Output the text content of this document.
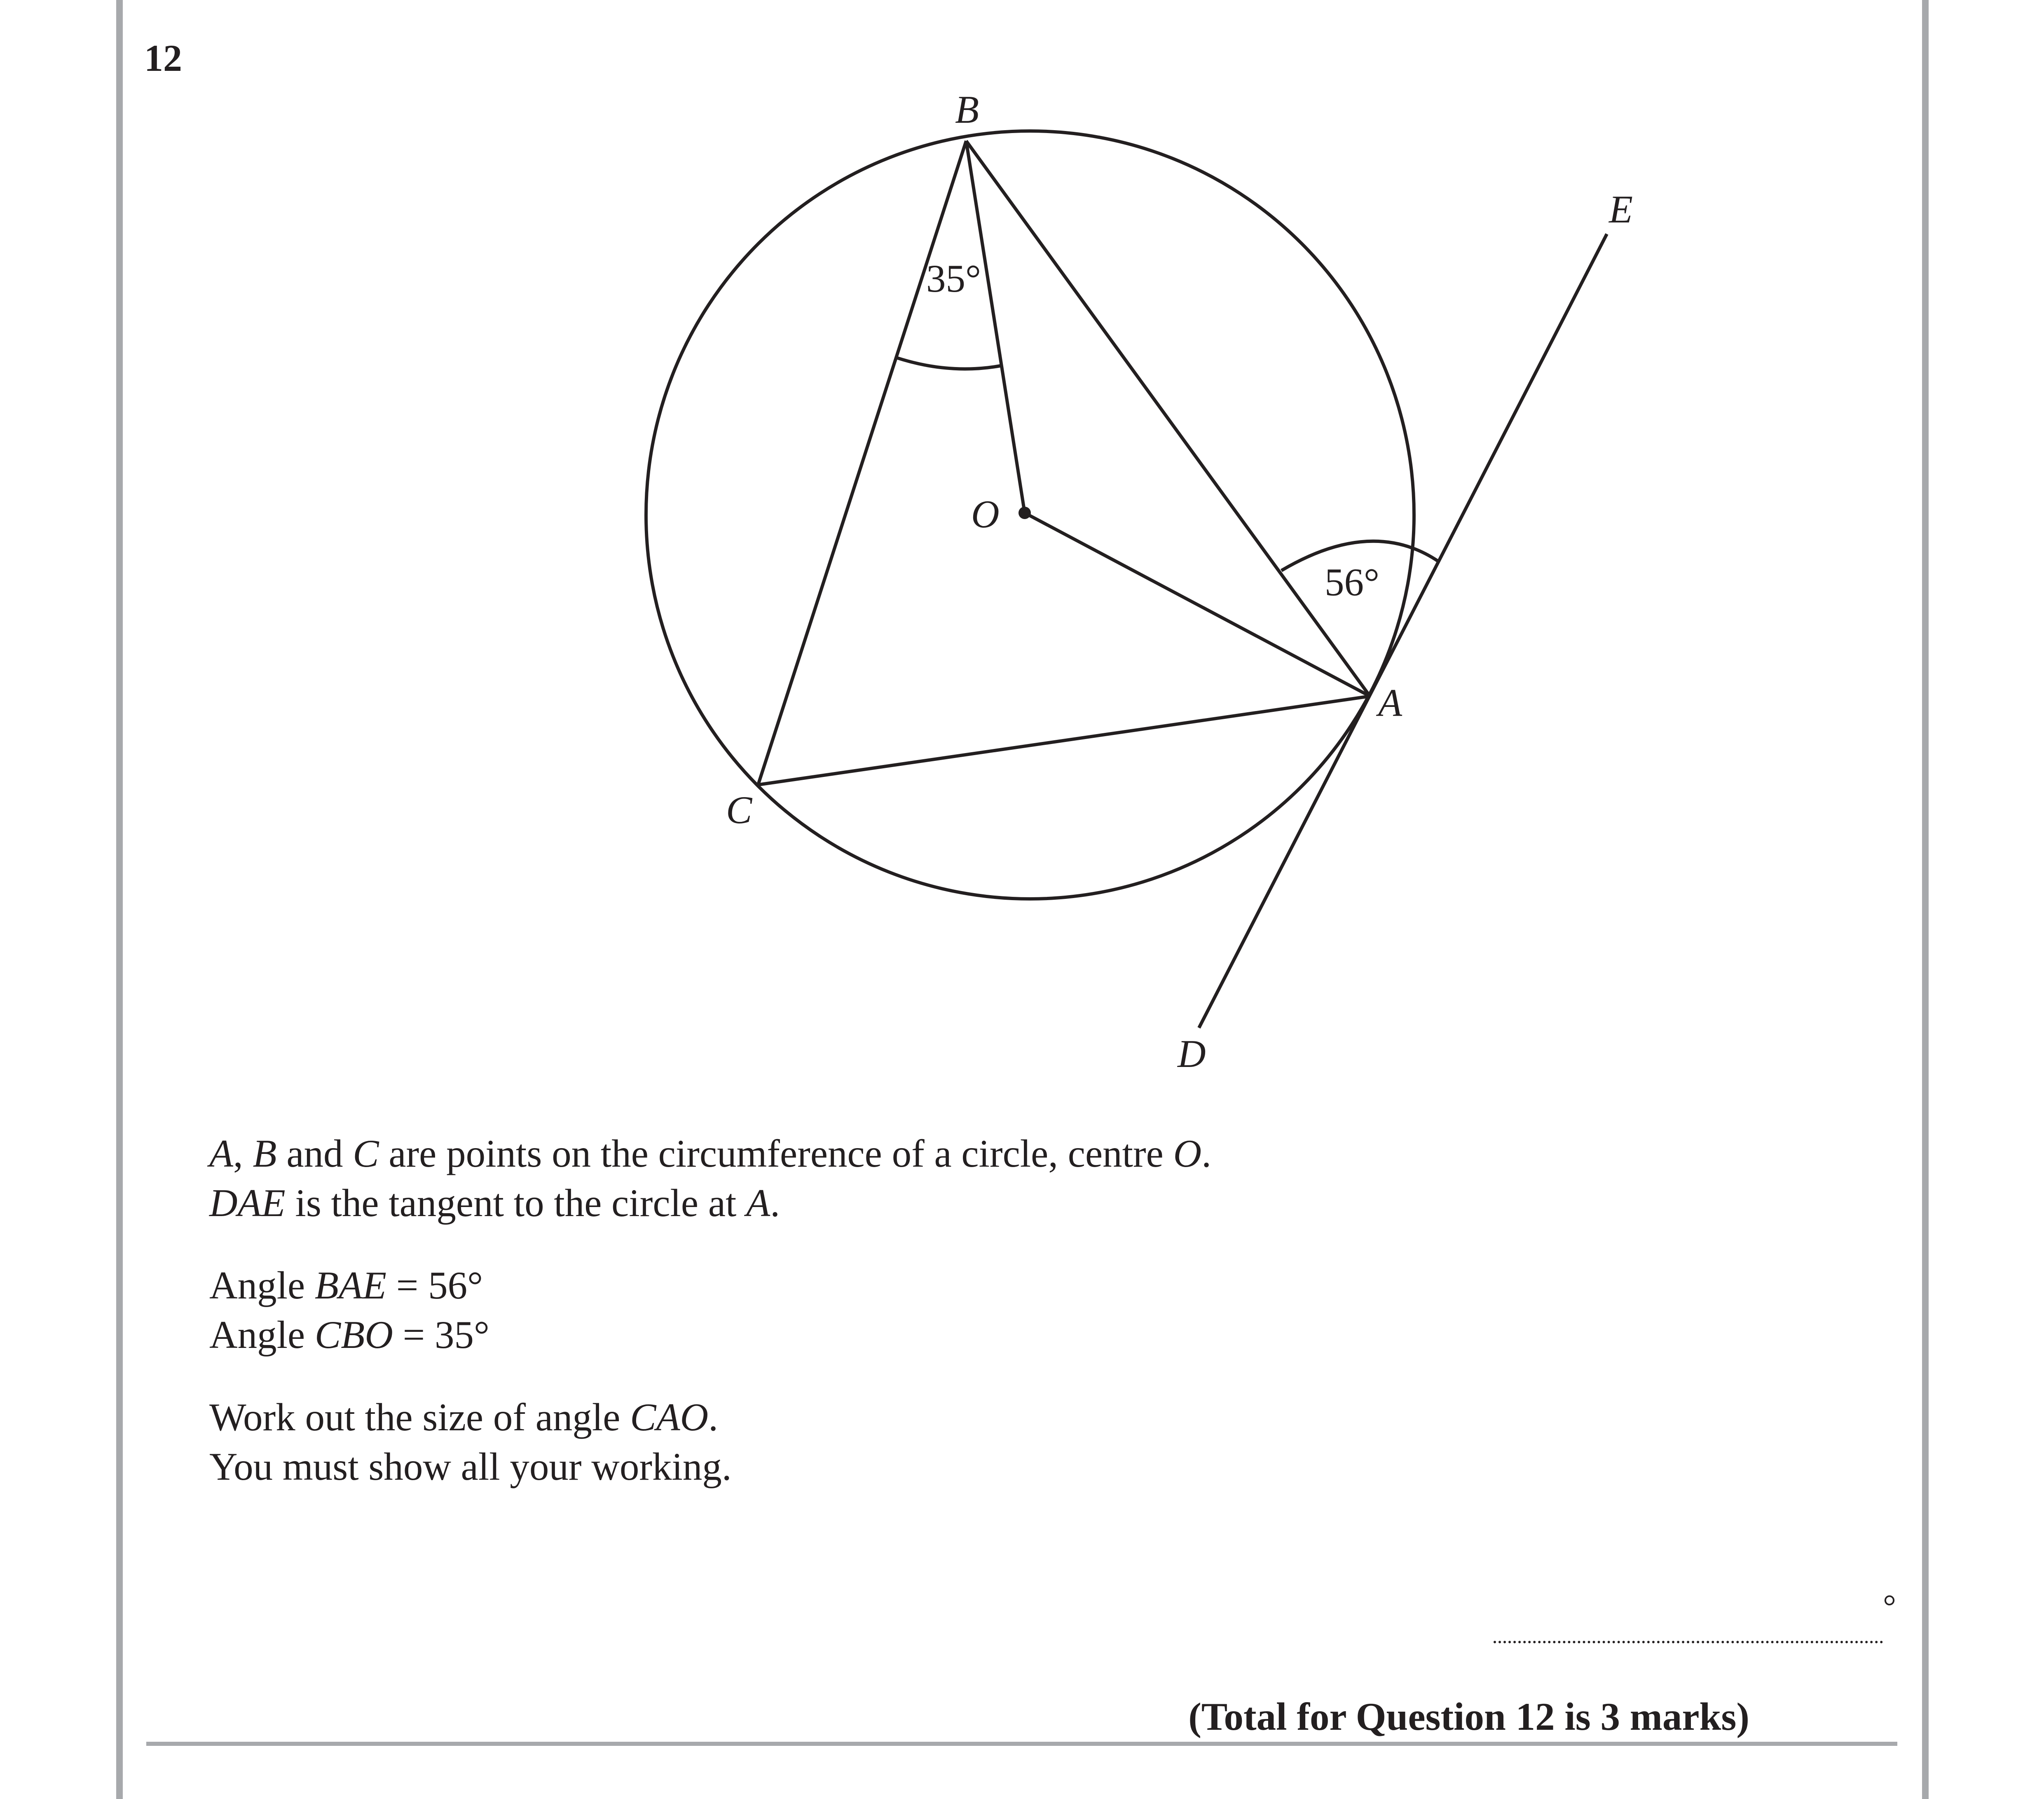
12
B
E
O
A
C
D
35°
56°

A, B and C are points on the circumference of a circle, centre O.
DAE is the tangent to the circle at A.

Angle BAE = 56°
Angle CBO = 35°

Work out the size of angle CAO.
You must show all your working.

°
(Total for Question 12 is 3 marks)
